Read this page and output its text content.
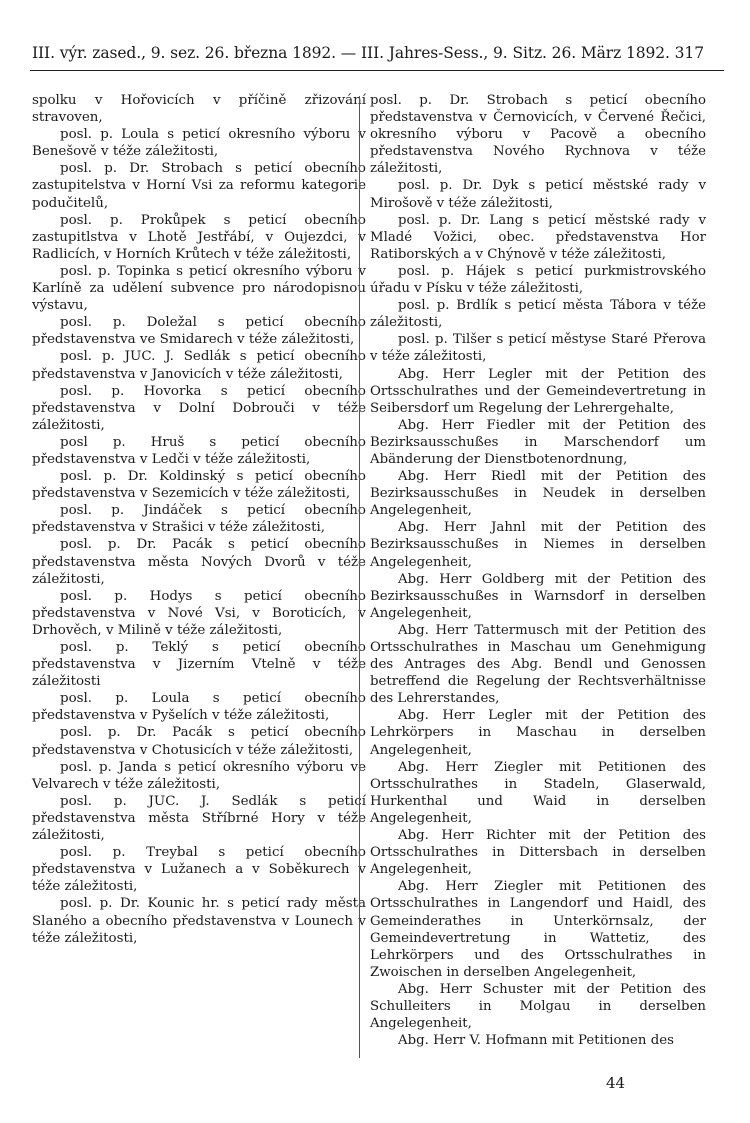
III. výr. zased., 9. sez. 26. března 1892. — III. Jahres-Sess., 9. Sitz. 26. März 1892. 317

spolku v Hořovicích v příčině zřizování stravoven,

posl. p. Loula s peticí okresního výboru v Benešově v téže záležitosti,

posl. p. Dr. Strobach s peticí obecního zastupitelstva v Horní Vsi za reformu kategorie podučitelů,

posl. p. Prokůpek s peticí obecního zastupitlstva v Lhotě Jestřábí, v Oujezdci, v Radlicích, v Horních Krůtech v téže záležitosti,

posl. p. Topinka s peticí okresního výboru v Karlíně za udělení subvence pro národopisnou výstavu,

posl. p. Doležal s peticí obecního představenstva ve Smidarech v téže záležitosti,

posl. p. JUC. J. Sedlák s peticí obecního představenstva v Janovicích v téže záležitosti,

posl. p. Hovorka s peticí obecního představenstva v Dolní Dobrouči v téže záležitosti,

posl p. Hruš s peticí obecního představenstva v Ledči v téže záležitosti,

posl. p. Dr. Koldinský s peticí obecního představenstva v Sezemicích v téže záležitosti,

posl. p. Jindáček s peticí obecního představenstva v Strašici v téže záležitosti,

posl. p. Dr. Pacák s peticí obecního představenstva města Nových Dvorů v téže záležitosti,

posl. p. Hodys s peticí obecního představenstva v Nové Vsi, v Boroticích, v Drhověch, v Milině v téže záležitosti,

posl. p. Teklý s peticí obecního představenstva v Jizerním Vtelně v téže záležitosti

posl. p. Loula s peticí obecního představenstva v Pyšelích v téže záležitosti,

posl. p. Dr. Pacák s peticí obecního představenstva v Chotusicích v téže záležitosti,

posl. p. Janda s peticí okresního výboru ve Velvarech v téže záležitosti,

posl. p. JUC. J. Sedlák s peticí představenstva města Stříbrné Hory v téže záležitosti,

posl. p. Treybal s peticí obecního představenstva v Lužanech a v Soběkurech v téže záležitosti,

posl. p. Dr. Kounic hr. s peticí rady města Slaného a obecního představenstva v Lounech v téže záležitosti,

posl. p. Dr. Strobach s peticí obecního představenstva v Černovicích, v Červené Řečici, okresního výboru v Pacově a obecního představenstva Nového Rychnova v téže záležitosti,

posl. p. Dr. Dyk s peticí městské rady v Mirošově v téže záležitosti,

posl. p. Dr. Lang s peticí městské rady v Mladé Vožici, obec. představenstva Hor Ratiborských a v Chýnově v téže záležitosti,

posl. p. Hájek s peticí purkmistrovského úřadu v Písku v téže záležitosti,

posl. p. Brdlík s peticí města Tábora v téže záležitosti,

posl. p. Tilšer s peticí městyse Staré Přerova v téže záležitosti,

Abg. Herr Legler mit der Petition des Ortsschulrathes und der Gemeindevertretung in Seibersdorf um Regelung der Lehrergehalte,

Abg. Herr Fiedler mit der Petition des Bezirksausschußes in Marschendorf um Abänderung der Dienstbotenordnung,

Abg. Herr Riedl mit der Petition des Bezirksausschußes in Neudek in derselben Angelegenheit,

Abg. Herr Jahnl mit der Petition des Bezirksausschußes in Niemes in derselben Angelegenheit,

Abg. Herr Goldberg mit der Petition des Bezirksausschußes in Warnsdorf in derselben Angelegenheit,

Abg. Herr Tattermusch mit der Petition des Ortsschulrathes in Maschau um Genehmigung des Antrages des Abg. Bendl und Genossen betreffend die Regelung der Rechtsverhältnisse des Lehrerstandes,

Abg. Herr Legler mit der Petition des Lehrkörpers in Maschau in derselben Angelegenheit,

Abg. Herr Ziegler mit Petitionen des Ortsschulrathes in Stadeln, Glaserwald, Hurkenthal und Waid in derselben Angelegenheit,

Abg. Herr Richter mit der Petition des Ortsschulrathes in Dittersbach in derselben Angelegenheit,

Abg. Herr Ziegler mit Petitionen des Ortsschulrathes in Langendorf und Haidl, des Gemeinderathes in Unterkörnsalz, der Gemeindevertretung in Wattetiz, des Lehrkörpers und des Ortsschulrathes in Zwoischen in derselben Angelegenheit,

Abg. Herr Schuster mit der Petition des Schulleiters in Molgau in derselben Angelegenheit,

Abg. Herr V. Hofmann mit Petitionen des

44
